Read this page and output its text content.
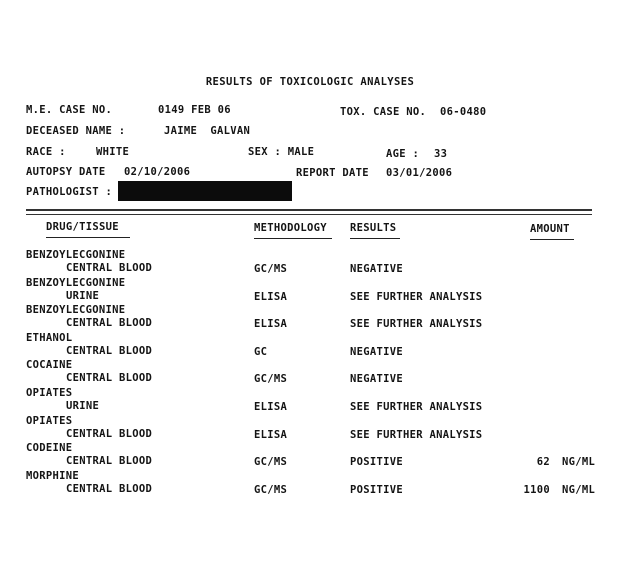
RESULTS OF TOXICOLOGIC ANALYSES
M.E. CASE NO.	0149 FEB 06	TOX. CASE NO. 06-0480
DECEASED NAME :	JAIME  GALVAN
RACE :	WHITE	SEX : MALE	AGE : 33
AUTOPSY DATE 02/10/2006	REPORT DATE 03/01/2006
PATHOLOGIST :
DRUG/TISSUE	METHODOLOGY RESULTS	AMOUNT
BENZOYLECGONINE
CENTRAL BLOOD	GC/MS	NEGATIVE
BENZOYLECGONINE
URINE	ELISA	SEE FURTHER ANALYSIS
BENZOYLECGONINE
CENTRAL BLOOD	ELISA	SEE FURTHER ANALYSIS
ETHANOL
CENTRAL BLOOD	GC	NEGATIVE
COCAINE
CENTRAL BLOOD	GC/MS	NEGATIVE
OPIATES
URINE	ELISA	SEE FURTHER ANALYSIS
OPIATES
CENTRAL BLOOD	ELISA	SEE FURTHER ANALYSIS
CODEINE
CENTRAL BLOOD	GC/MS	POSITIVE	62 NG/ML
MORPHINE
CENTRAL BLOOD	GC/MS	POSITIVE	1100 NG/ML
